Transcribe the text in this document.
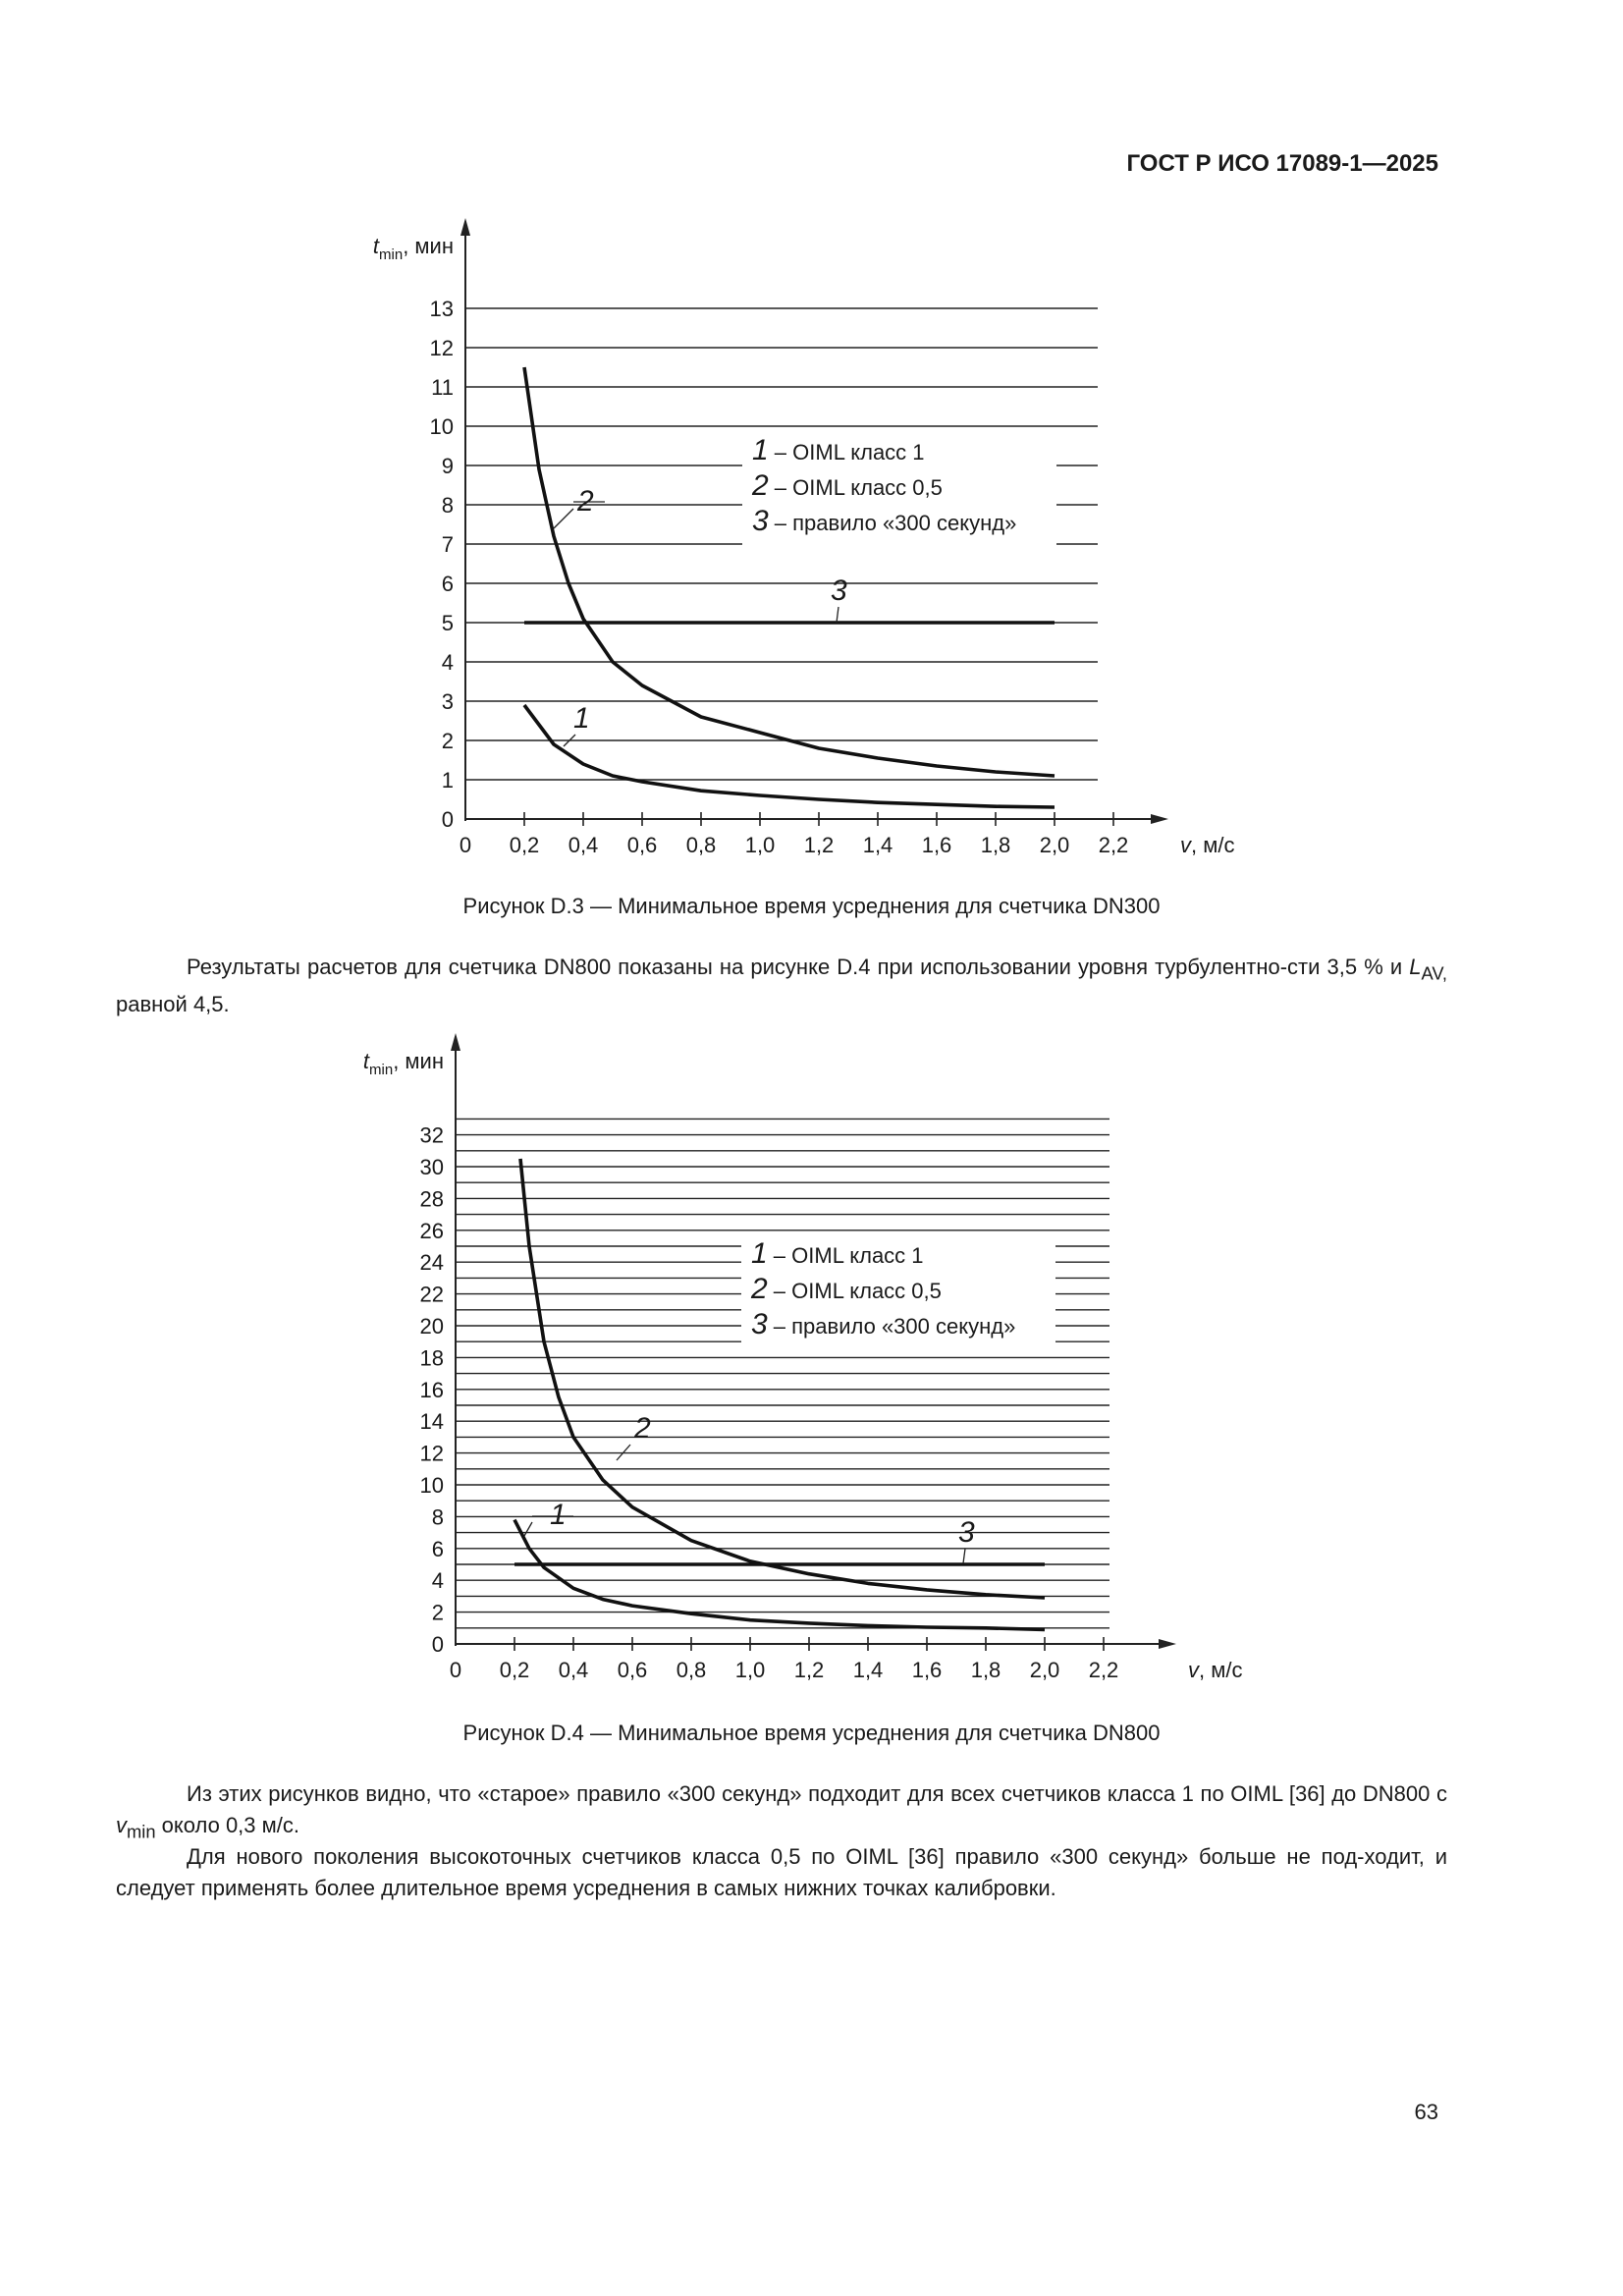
ГОСТ Р ИСО 17089-1—2025
0 0,2 0,4 0,6 0,8 1,0 1,2 1,4 1,6 1,8 2,0 2,2 v, м/с
0
1
2
3
4
5
6
7
8
9
10
11
12
13
$t_{min}$, мин
2
3
1
1 – OIML класс 1
2 – OIML класс 0,5
3 – правило «300 секунд»
Рисунок D.3 — Минимальное время усреднения для счетчика DN300
Результаты расчетов для счетчика DN800 показаны на рисунке D.4 при использовании уровня турбулентно-сти 3,5 % и $L_{AV,}$ равной 4,5.
0 0,2 0,4 0,6 0,8 1,0 1,2 1,4 1,6 1,8 2,0 2,2	v, м/с
0
2
4
6
8
10
12
14
16
18
20
22
24
26
28
30
32
$t_{min}$, мин
2
1
3
1 – OIML класс 1
2 – OIML класс 0,5
3 – правило «300 секунд»
Рисунок D.4 — Минимальное время усреднения для счетчика DN800
Из этих рисунков видно, что «старое» правило «300 секунд» подходит для всех счетчиков класса 1 по OIML [36] до DN800 с $v_{min}$ около 0,3 м/с.
Для нового поколения высокоточных счетчиков класса 0,5 по OIML [36] правило «300 секунд» больше не под-ходит, и следует применять более длительное время усреднения в самых нижних точках калибровки.
63
